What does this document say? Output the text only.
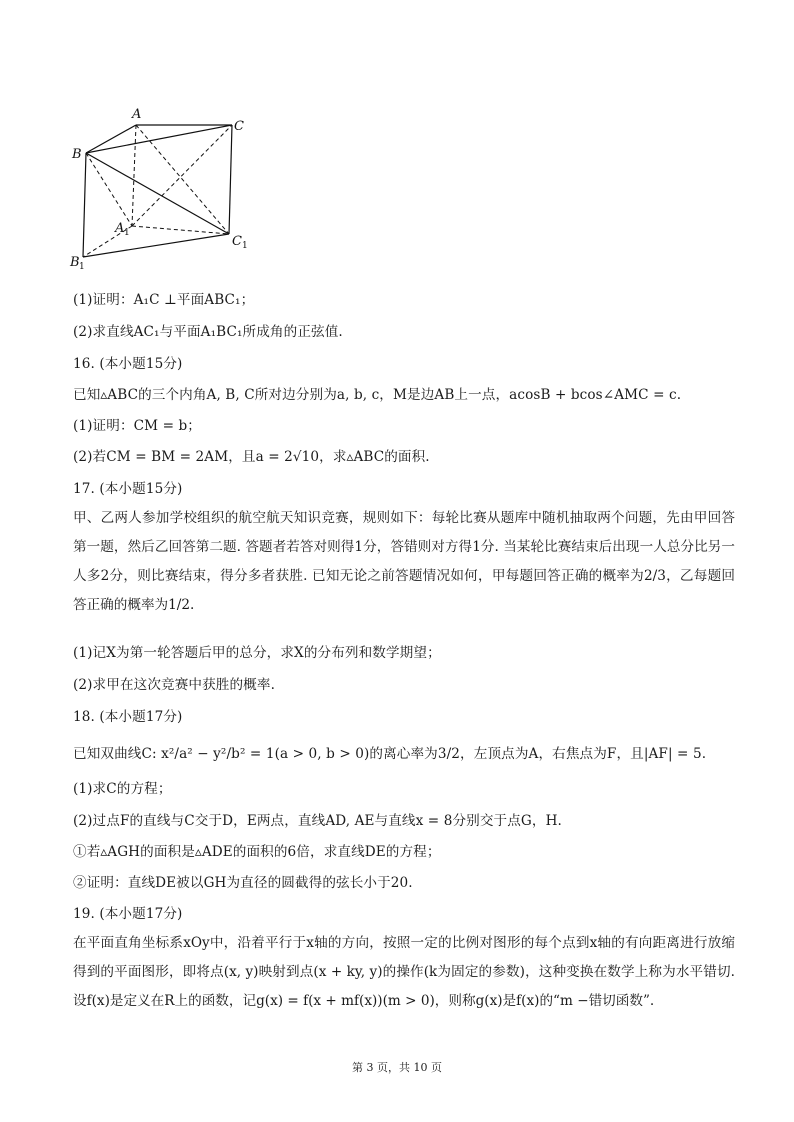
A
B
C
A 1
B 1
C 1
(1)证明：A₁C ⊥平面ABC₁；
(2)求直线AC₁与平面A₁BC₁所成角的正弦值.
16. (本小题15分)
已知▵ABC的三个内角A, B, C所对边分别为a, b, c，M是边AB上一点，acosB + bcos∠AMC = c.
(1)证明：CM = b；
(2)若CM = BM = 2AM，且a = 2√10，求▵ABC的面积.
17. (本小题15分)
甲、乙两人参加学校组织的航空航天知识竞赛，规则如下：每轮比赛从题库中随机抽取两个问题，先由甲回答第一题，然后乙回答第二题. 答题者若答对则得1分，答错则对方得1分. 当某轮比赛结束后出现一人总分比另一人多2分，则比赛结束，得分多者获胜. 已知无论之前答题情况如何，甲每题回答正确的概率为2/3，乙每题回答正确的概率为1/2.
(1)记X为第一轮答题后甲的总分，求X的分布列和数学期望；
(2)求甲在这次竞赛中获胜的概率.
18. (本小题17分)
已知双曲线C: x²/a² − y²/b² = 1(a > 0, b > 0)的离心率为3/2，左顶点为A，右焦点为F，且|AF| = 5.
(1)求C的方程；
(2)过点F的直线与C交于D，E两点，直线AD, AE与直线x = 8分别交于点G，H.
①若▵AGH的面积是▵ADE的面积的6倍，求直线DE的方程；
②证明：直线DE被以GH为直径的圆截得的弦长小于20.
19. (本小题17分)
在平面直角坐标系xOy中，沿着平行于x轴的方向，按照一定的比例对图形的每个点到x轴的有向距离进行放缩得到的平面图形，即将点(x, y)映射到点(x + ky, y)的操作(k为固定的参数)，这种变换在数学上称为水平错切. 设f(x)是定义在R上的函数，记g(x) = f(x + mf(x))(m > 0)，则称g(x)是f(x)的“m −错切函数”.
第 3 页，共 10 页
